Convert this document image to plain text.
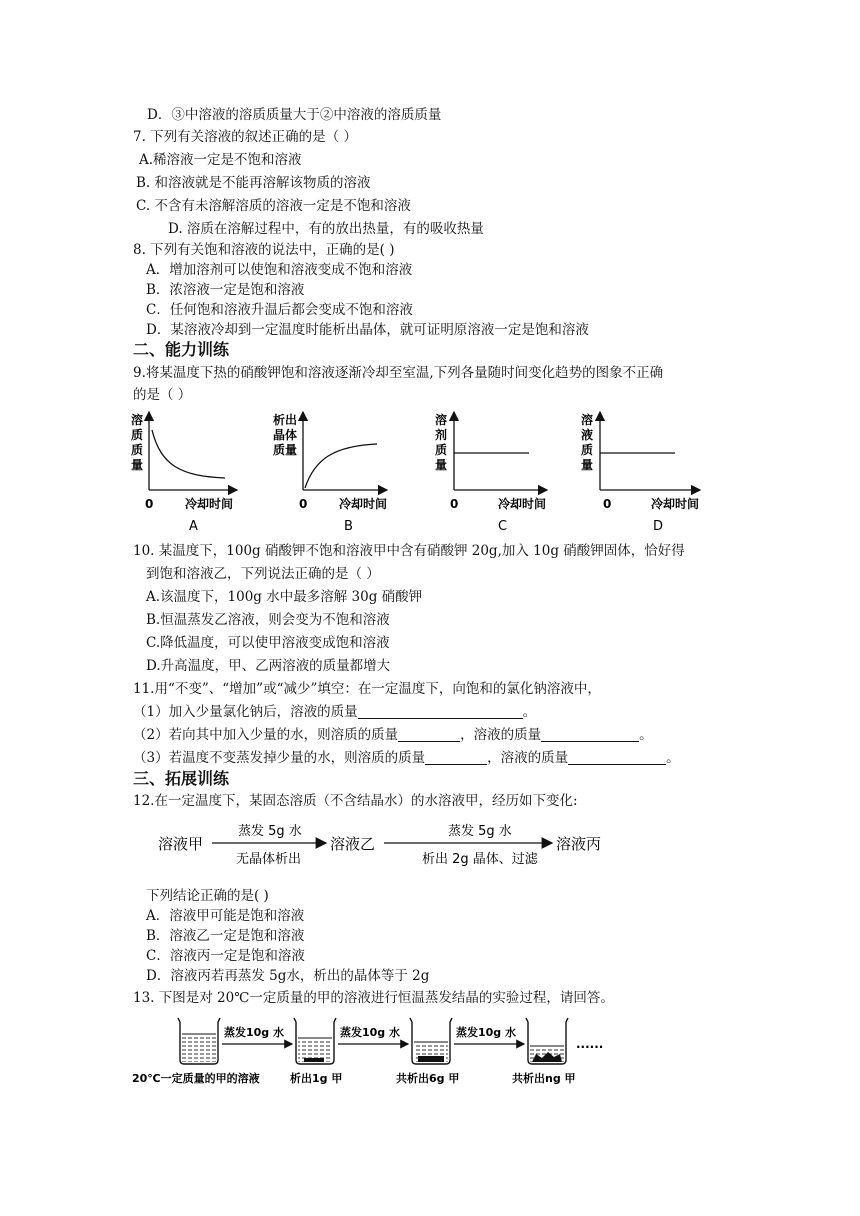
D．③中溶液的溶质质量大于②中溶液的溶质质量
7. 下列有关溶液的叙述正确的是（ ）
A.稀溶液一定是不饱和溶液
B. 和溶液就是不能再溶解该物质的溶液
C. 不含有未溶解溶质的溶液一定是不饱和溶液
D. 溶质在溶解过程中，有的放出热量，有的吸收热量
8. 下列有关饱和溶液的说法中，正确的是( )
A．增加溶剂可以使饱和溶液变成不饱和溶液
B．浓溶液一定是饱和溶液
C．任何饱和溶液升温后都会变成不饱和溶液
D．某溶液冷却到一定温度时能析出晶体，就可证明原溶液一定是饱和溶液
二、能力训练
9.将某温度下热的硝酸钾饱和溶液逐渐冷却至室温,下列各量随时间变化趋势的图象不正确
的是（ ）
溶
质
质
量
0	冷却时间
A
析出
晶体
质量
0	冷却时间
B
溶
剂
质
量
0	冷却时间
C
溶
液
质
量
0	冷却时间
D
10. 某温度下，100g 硝酸钾不饱和溶液甲中含有硝酸钾 20g,加入 10g 硝酸钾固体，恰好得
到饱和溶液乙，下列说法正确的是（ ）
A.该温度下，100g 水中最多溶解 30g 硝酸钾
B.恒温蒸发乙溶液，则会变为不饱和溶液
C.降低温度，可以使甲溶液变成饱和溶液
D.升高温度，甲、乙两溶液的质量都增大
11.用“不变”、“增加”或“减少”填空：在一定温度下，向饱和的氯化钠溶液中，
（1）加入少量氯化钠后，溶液的质量	。
（2）若向其中加入少量的水，则溶质的质量	，溶液的质量	。
（3）若温度不变蒸发掉少量的水，则溶质的质量	，溶液的质量	。
三、拓展训练
12.在一定温度下，某固态溶质（不含结晶水）的水溶液甲，经历如下变化:
溶液甲
蒸发 5g 水
无晶体析出
溶液乙
蒸发 5g 水
析出 2g 晶体、过滤
溶液丙
下列结论正确的是( )
A．溶液甲可能是饱和溶液
B．溶液乙一定是饱和溶液
C．溶液丙一定是饱和溶液
D．溶液丙若再蒸发 5g水，析出的晶体等于 2g
13. 下图是对 20℃一定质量的甲的溶液进行恒温蒸发结晶的实验过程，请回答。
蒸发10g 水	蒸发10g 水	蒸发10g 水
......
20℃一定质量的甲的溶液	析出1g 甲	共析出6g 甲	共析出ng 甲
